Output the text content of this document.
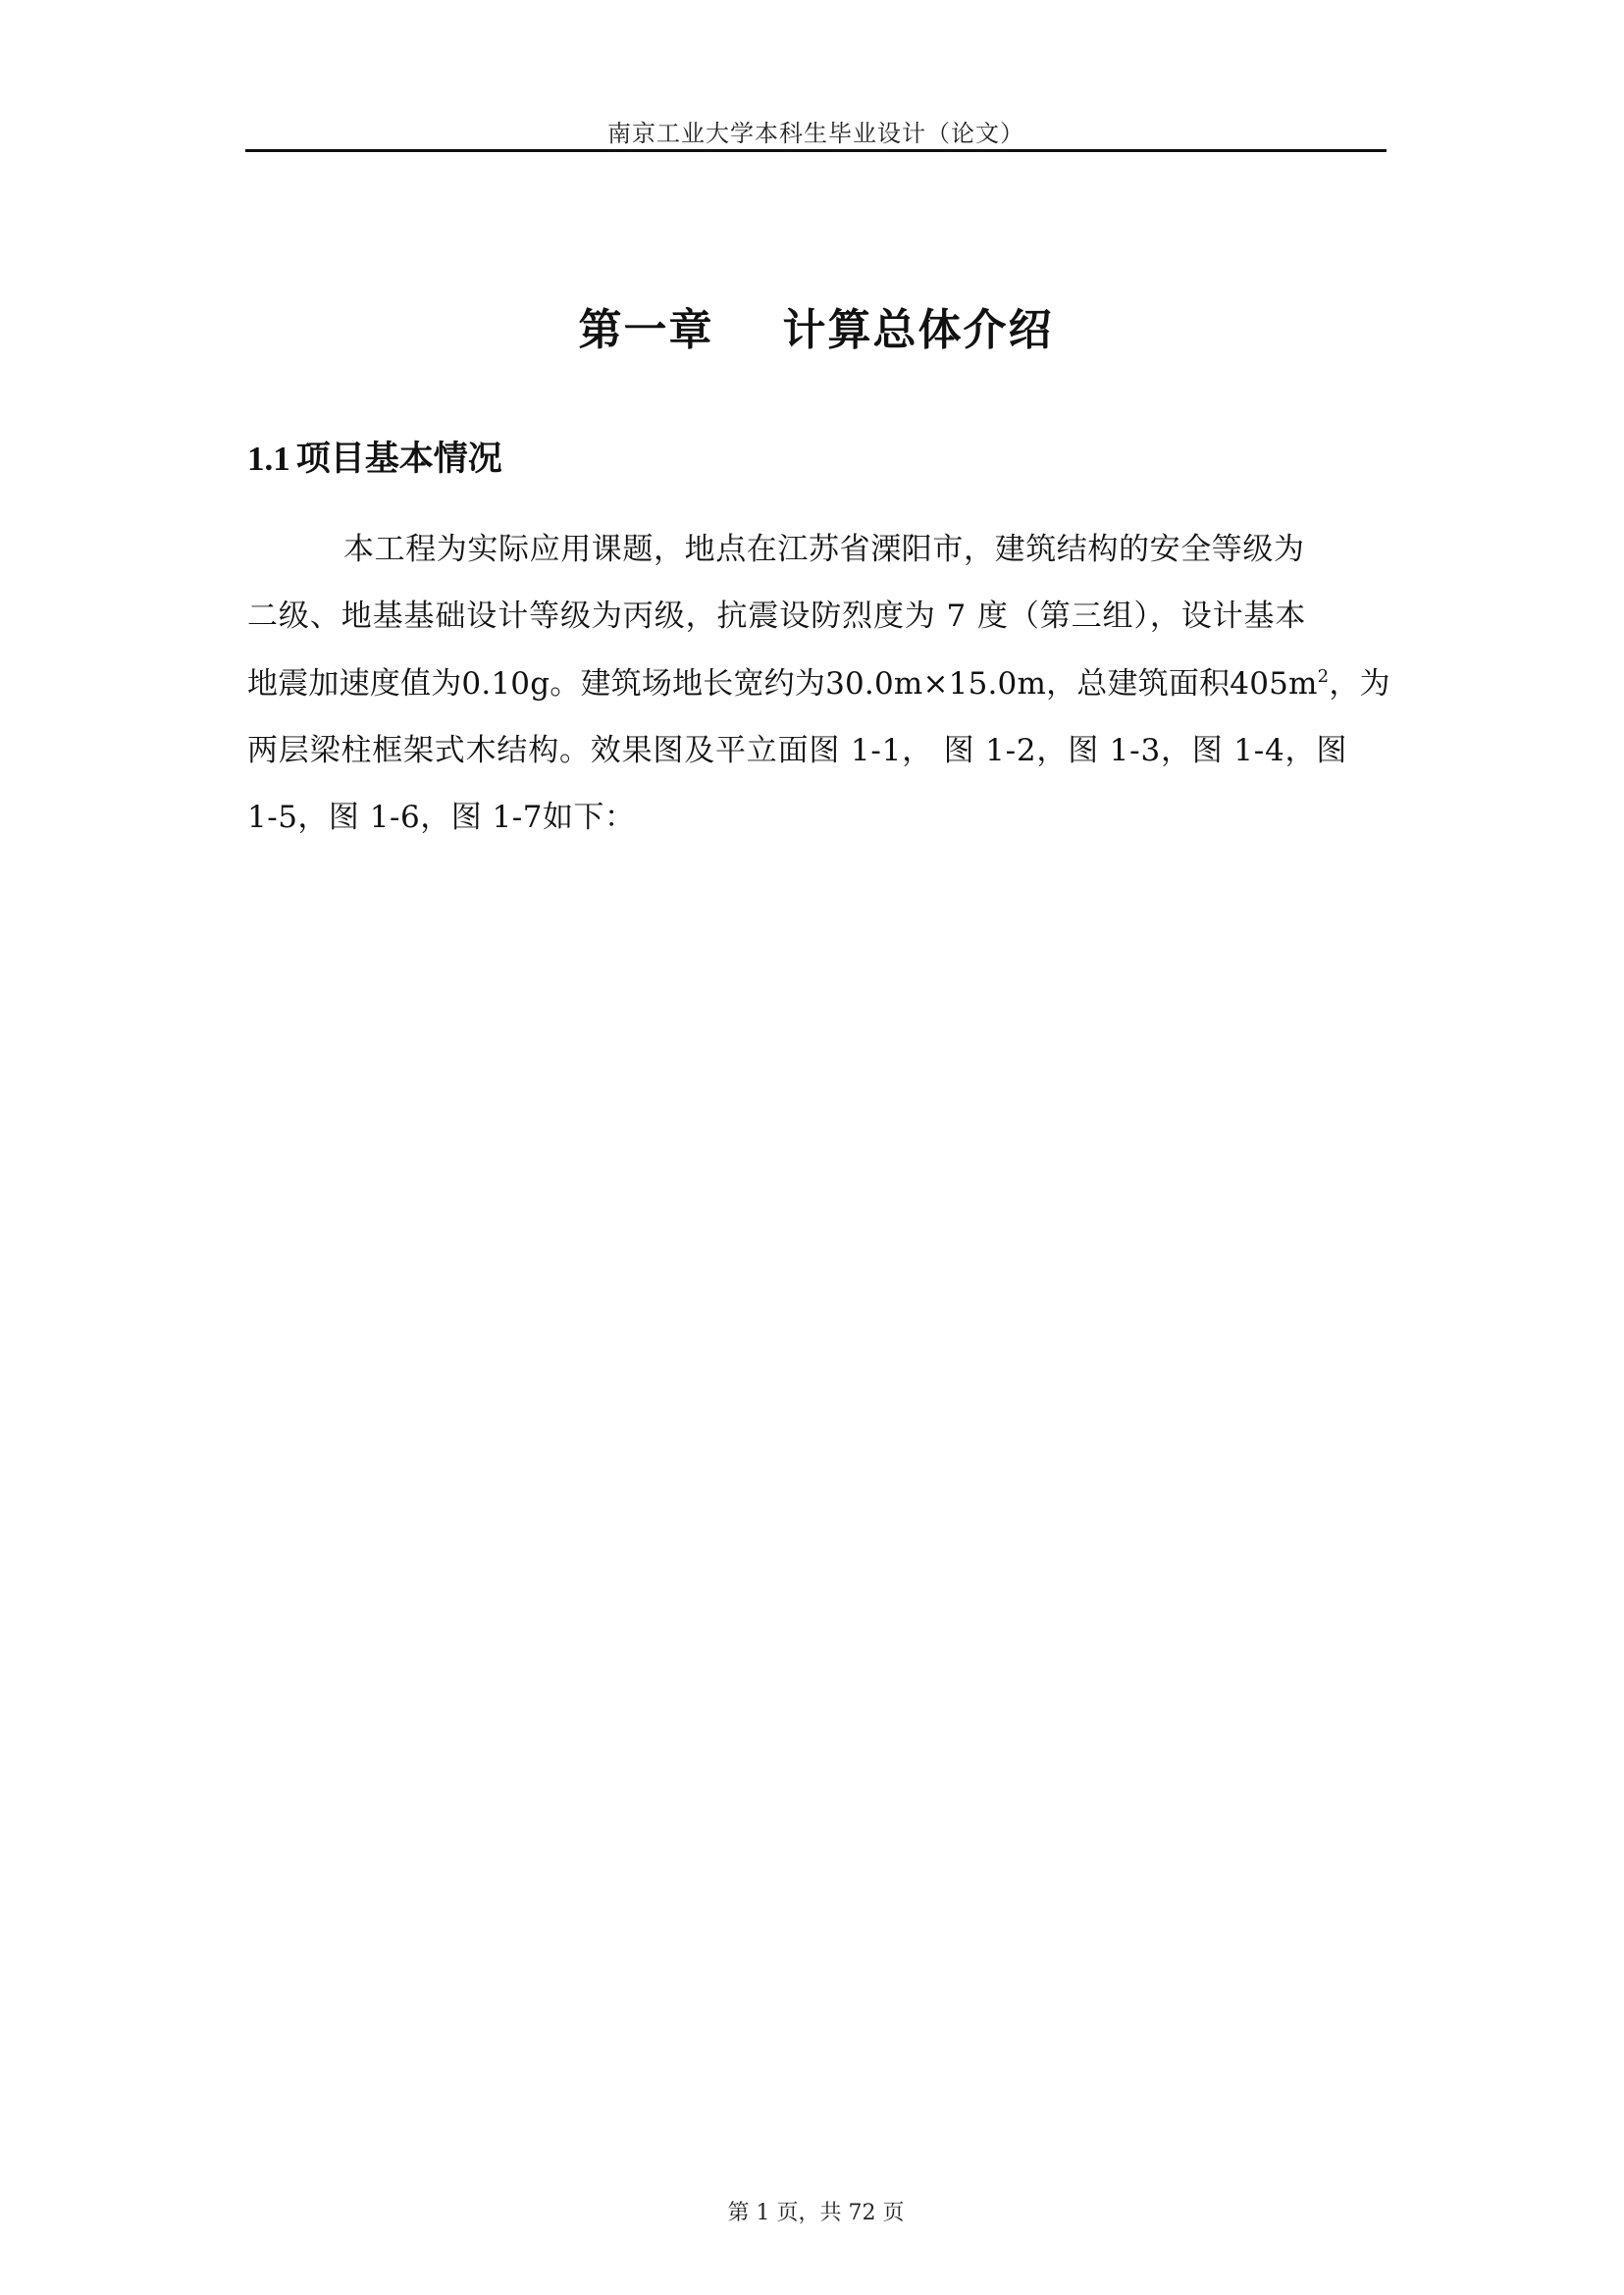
南京工业大学本科生毕业设计（论文）
第一章 计算总体介绍
1.1 项目基本情况
本工程为实际应用课题，地点在江苏省溧阳市，建筑结构的安全等级为
二级、地基基础设计等级为丙级，抗震设防烈度为 7 度（第三组），设计基本
地震加速度值为0.10g。建筑场地长宽约为30.0m×15.0m，总建筑面积$405m^2$，为
两层梁柱框架式木结构。效果图及平立面图 1-1， 图 1-2，图 1-3，图 1-4，图
1-5，图 1-6，图 1-7如下：
第 1 页，共 72 页
